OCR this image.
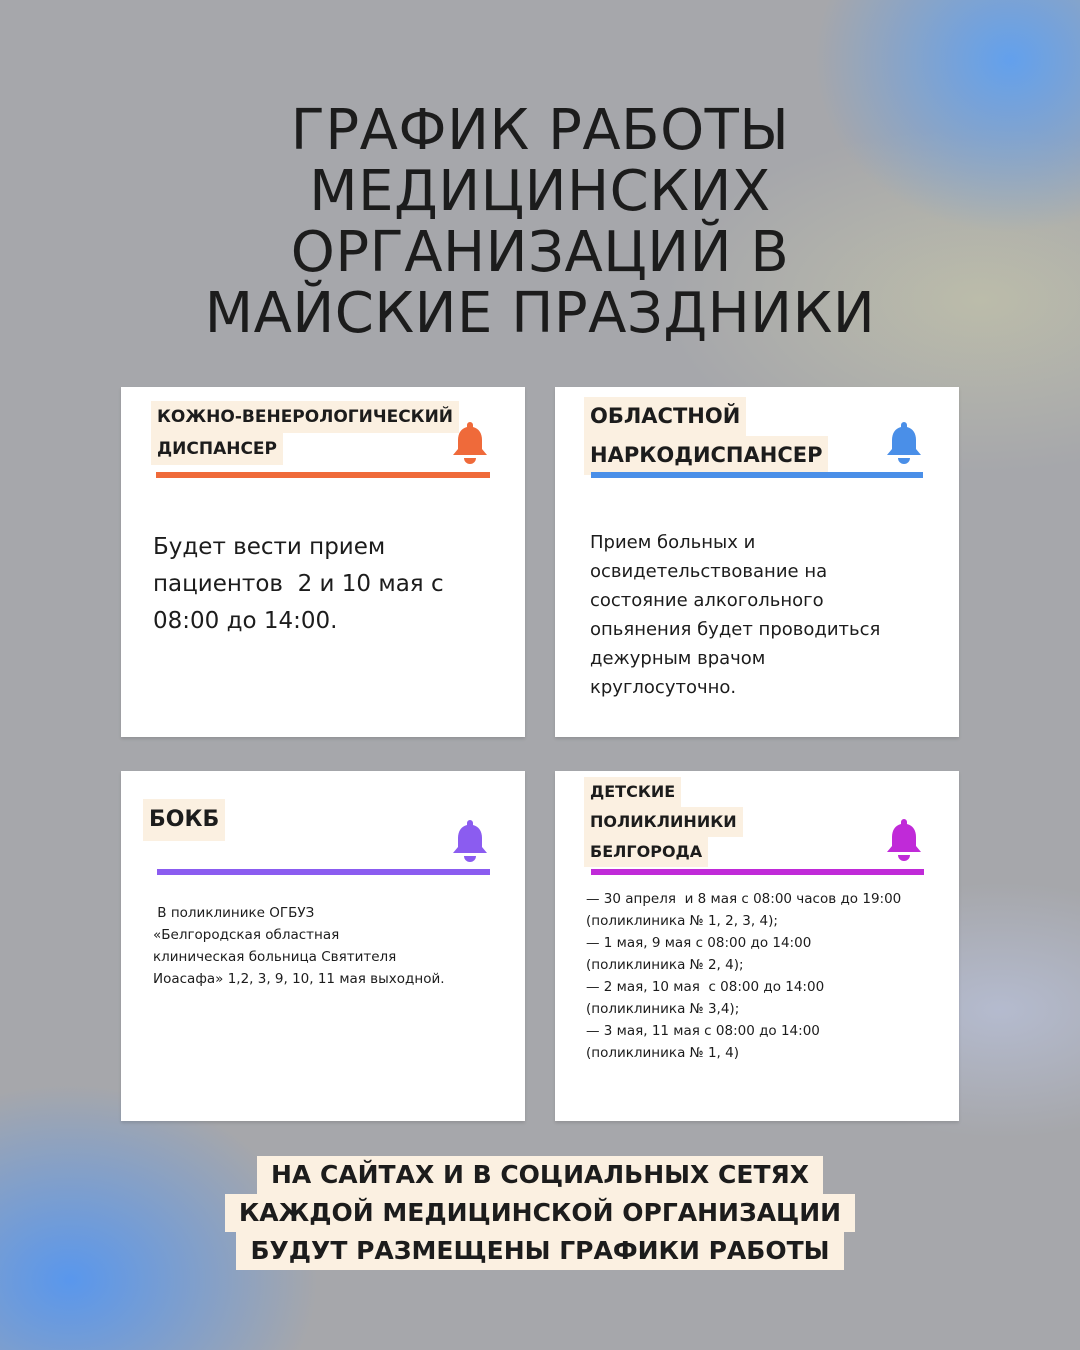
ГРАФИК РАБОТЫ
МЕДИЦИНСКИХ
ОРГАНИЗАЦИЙ В
МАЙСКИЕ ПРАЗДНИКИ
КОЖНО-ВЕНЕРОЛОГИЧЕСКИЙ
ДИСПАНСЕР
Будет вести прием
пациентов  2 и 10 мая с
08:00 до 14:00.
ОБЛАСТНОЙ
НАРКОДИСПАНСЕР
Прием больных и
освидетельствование на
состояние алкогольного
опьянения будет проводиться
дежурным врачом
круглосуточно.
БОКБ
В поликлинике ОГБУЗ
«Белгородская областная
клиническая больница Святителя
Иоасафа» 1,2, 3, 9, 10, 11 мая выходной.
ДЕТСКИЕ
ПОЛИКЛИНИКИ
БЕЛГОРОДА
— 30 апреля  и 8 мая с 08:00 часов до 19:00
(поликлиника № 1, 2, 3, 4);
— 1 мая, 9 мая с 08:00 до 14:00
(поликлиника № 2, 4);
— 2 мая, 10 мая  с 08:00 до 14:00
(поликлиника № 3,4);
— 3 мая, 11 мая с 08:00 до 14:00
(поликлиника № 1, 4)
НА САЙТАХ И В СОЦИАЛЬНЫХ СЕТЯХ
КАЖДОЙ МЕДИЦИНСКОЙ ОРГАНИЗАЦИИ
БУДУТ РАЗМЕЩЕНЫ ГРАФИКИ РАБОТЫ
